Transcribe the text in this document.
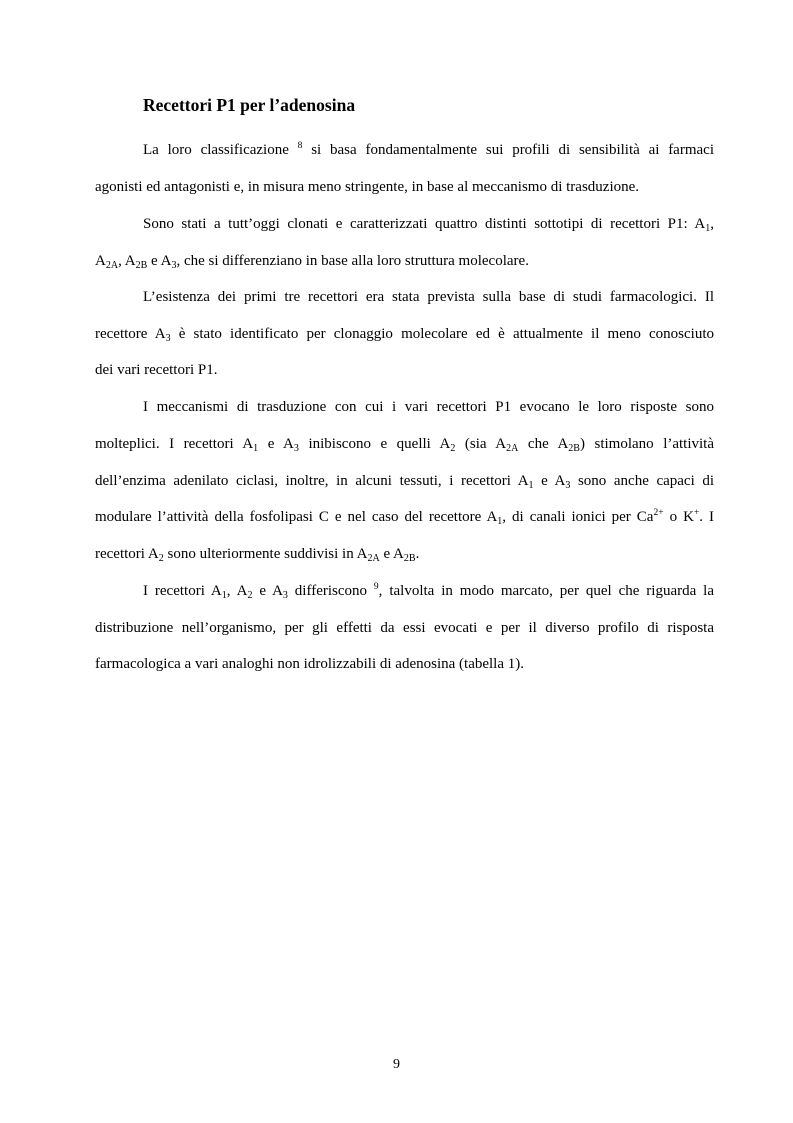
Recettori P1 per l’adenosina
La loro classificazione $^8$ si basa fondamentalmente sui profili di sensibilità ai farmaci
agonisti ed antagonisti e, in misura meno stringente, in base al meccanismo di trasduzione.
Sono stati a tutt’oggi clonati e caratterizzati quattro distinti sottotipi di recettori P1: $A_1$,
$A_{2A}$, $A_{2B}$ e $A_3$, che si differenziano in base alla loro struttura molecolare.
L’esistenza dei primi tre recettori era stata prevista sulla base di studi farmacologici. Il
recettore $A_3$ è stato identificato per clonaggio molecolare ed è attualmente il meno conosciuto
dei vari recettori P1.
I meccanismi di trasduzione con cui i vari recettori P1 evocano le loro risposte sono
molteplici. I recettori $A_1$ e $A_3$ inibiscono e quelli $A_2$ (sia $A_{2A}$ che $A_{2B}$) stimolano l’attività
dell’enzima adenilato ciclasi, inoltre, in alcuni tessuti, i recettori $A_1$ e $A_3$ sono anche capaci di
modulare l’attività della fosfolipasi C e nel caso del recettore $A_1$, di canali ionici per $Ca^{2+}$ o K+. I
recettori $A_2$ sono ulteriormente suddivisi in $A_{2A}$ e $A_{2B}$.
I recettori $A_1$, $A_2$ e $A_3$ differiscono $^9$, talvolta in modo marcato, per quel che riguarda la
distribuzione nell’organismo, per gli effetti da essi evocati e per il diverso profilo di risposta
farmacologica a vari analoghi non idrolizzabili di adenosina (tabella 1).
9
